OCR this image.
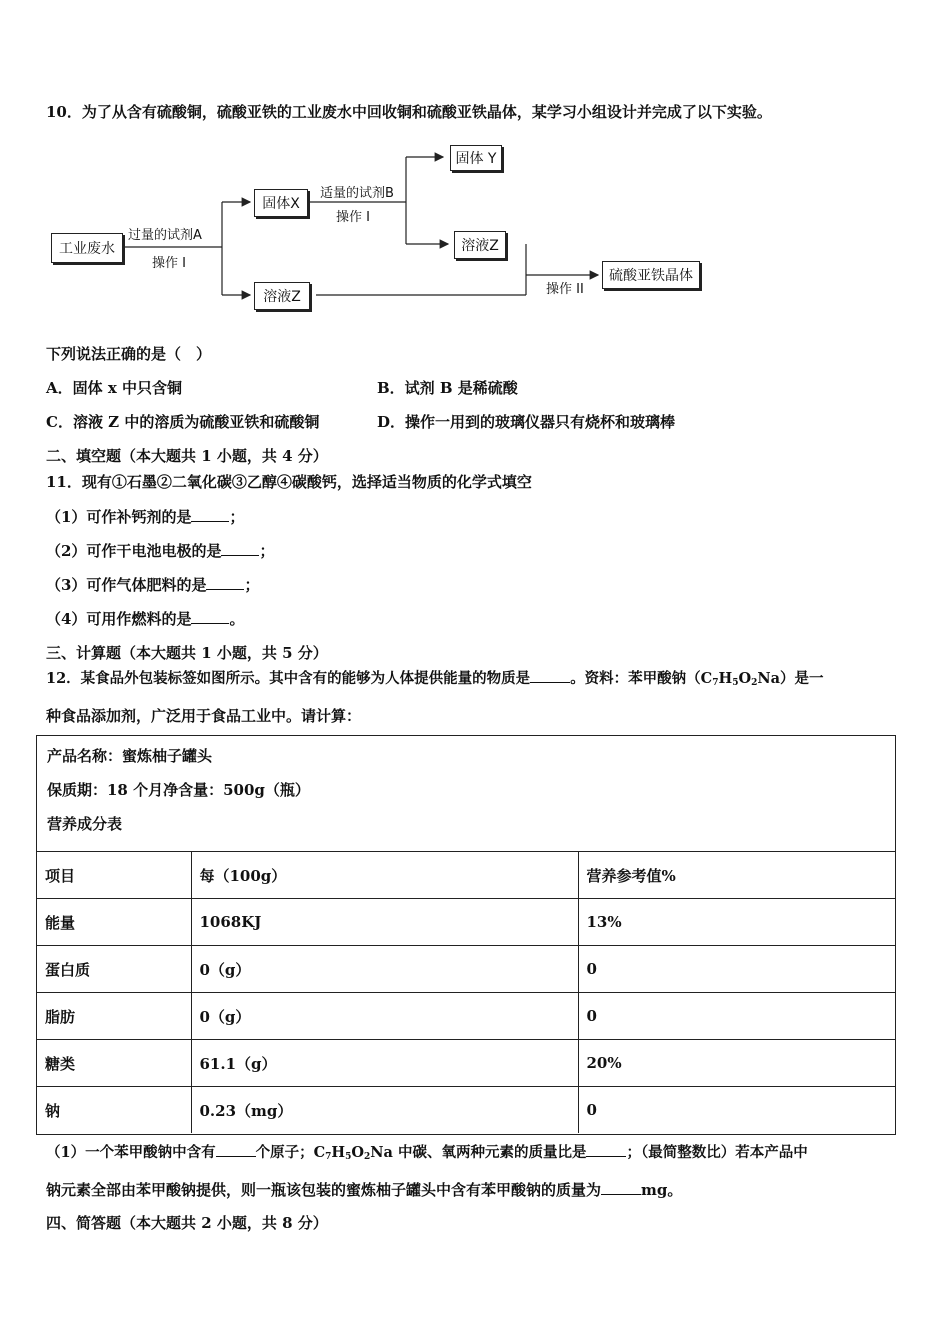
10．为了从含有硫酸铜，硫酸亚铁的工业废水中回收铜和硫酸亚铁晶体，某学习小组设计并完成了以下实验。
工业废水
过量的试剂A
操作 I
固体X
溶液Z
适量的试剂B
操作 I
固体 Y
溶液Z
操作 II
硫酸亚铁晶体
下列说法正确的是（　）
A．固体 x 中只含铜	B．试剂 B 是稀硫酸
C．溶液 Z 中的溶质为硫酸亚铁和硫酸铜	D．操作一用到的玻璃仪器只有烧杯和玻璃棒
二、填空题（本大题共 1 小题，共 4 分）
11．现有①石墨②二氧化碳③乙醇④碳酸钙，选择适当物质的化学式填空
（1）可作补钙剂的是	；
（2）可作干电池电极的是	；
（3）可作气体肥料的是	；
（4）可用作燃料的是	。
三、计算题（本大题共 1 小题，共 5 分）
12．某食品外包装标签如图所示。其中含有的能够为人体提供能量的物质是	。资料：苯甲酸钠$(C_7H_5O_2Na)$是一
种食品添加剂，广泛用于食品工业中。请计算：
产品名称：蜜炼柚子罐头
保质期：18 个月净含量：500g（瓶）
营养成分表
项目	每（100g）	营养参考值%
能量	1068KJ	13%
蛋白质	0（g）	0
脂肪	0（g）	0
糖类	61.1（g）	20%
钠	0.23（mg）	0
（1）一个苯甲酸钠中含有	个原子；$C_7H_5O_2Na$ 中碳、氧两种元素的质量比是	；（最简整数比）若本产品中
钠元素全部由苯甲酸钠提供，则一瓶该包装的蜜炼柚子罐头中含有苯甲酸钠的质量为	mg。
四、简答题（本大题共 2 小题，共 8 分）
